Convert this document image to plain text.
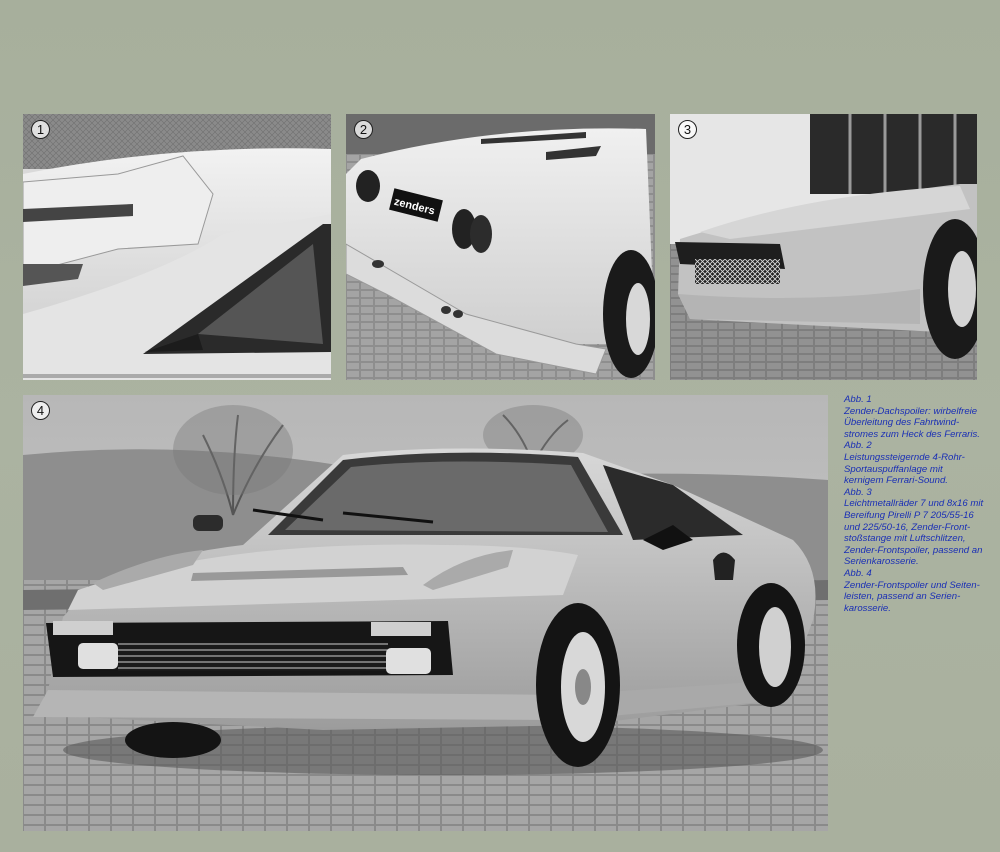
1
zenders
2	3
4

Abb. 1

Zender-Dachspoiler: wirbelfreie Überleitung des Fahrtwind-stromes zum Heck des Ferraris.

Abb. 2

Leistungssteigernde 4-Rohr-Sportauspuffanlage mit kernigem Ferrari-Sound.

Abb. 3

Leichtmetallräder 7 und 8x16 mit Bereifung Pirelli P 7 205/55-16 und 225/50-16, Zender-Front-stoßstange mit Luftschlitzen, Zender-Frontspoiler, passend an Serienkarosserie.

Abb. 4

Zender-Frontspoiler und Seiten-leisten, passend an Serien-karosserie.
